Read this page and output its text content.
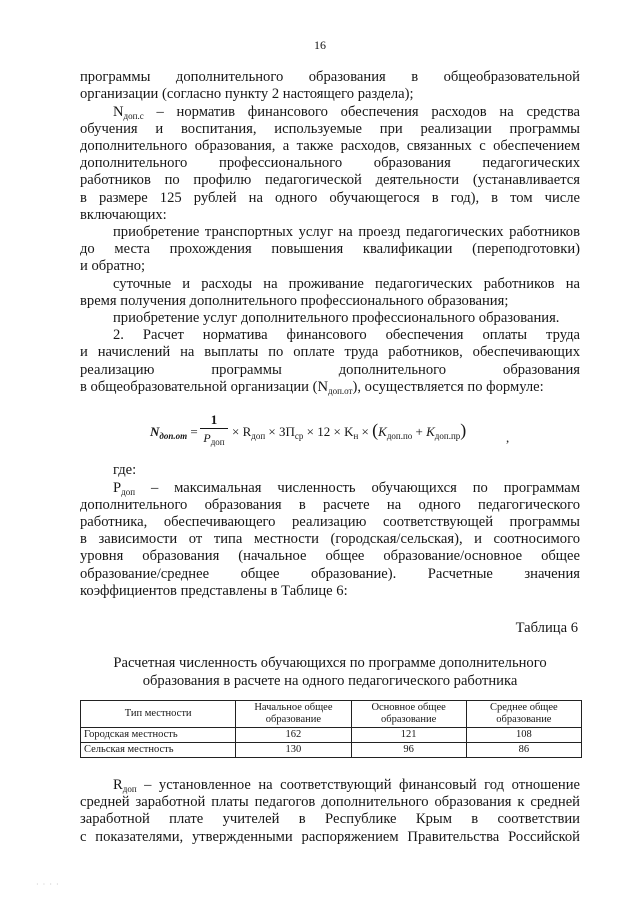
16
программы дополнительного образования в общеобразовательной
организации (согласно пункту 2 настоящего раздела);
$N_{доп.с}$ – норматив финансового обеспечения расходов на средства
обучения и воспитания, используемые при реализации программы
дополнительного образования, а также расходов, связанных с обеспечением
дополнительного профессионального образования педагогических
работников по профилю педагогической деятельности (устанавливается
в размере 125 рублей на одного обучающегося в год), в том числе
включающих:
приобретение транспортных услуг на проезд педагогических работников
до места прохождения повышения квалификации (переподготовки)
и обратно;
суточные и расходы на проживание педагогических работников на
время получения дополнительного профессионального образования;
приобретение услуг дополнительного профессионального образования.
2. Расчет норматива финансового обеспечения оплаты труда
и начислений на выплаты по оплате труда работников, обеспечивающих
реализацию программы дополнительного образования
в общеобразовательной организации $(N_{доп.от})$, осуществляется по формуле:
$N_{доп.от}$ =
1
$P_{доп}$
× $R_{доп} \times ЗП_{ср} \times 12 \times K_н \times (K_{доп.по} + K_{доп.пр})$	,
где:
$P_{доп}$ – максимальная численность обучающихся по программам
дополнительного образования в расчете на одного педагогического
работника, обеспечивающего реализацию соответствующей программы
в зависимости от типа местности (городская/сельская), и соотносимого
уровня образования (начальное общее образование/основное общее
образование/среднее общее образование). Расчетные значения
коэффициентов представлены в Таблице 6:
Таблица 6
Расчетная численность обучающихся по программе дополнительного
образования в расчете на одного педагогического работника
Тип местности	Начальное общее образование	Основное общее образование	Среднее общее образование
Городская местность	162	121	108
Сельская местность	130	96	86
$R_{доп}$ – установленное на соответствующий финансовый год отношение
средней заработной платы педагогов дополнительного образования к средней
заработной плате учителей в Республике Крым в соответствии
с показателями, утвержденными распоряжением Правительства Российской
· · · ·
